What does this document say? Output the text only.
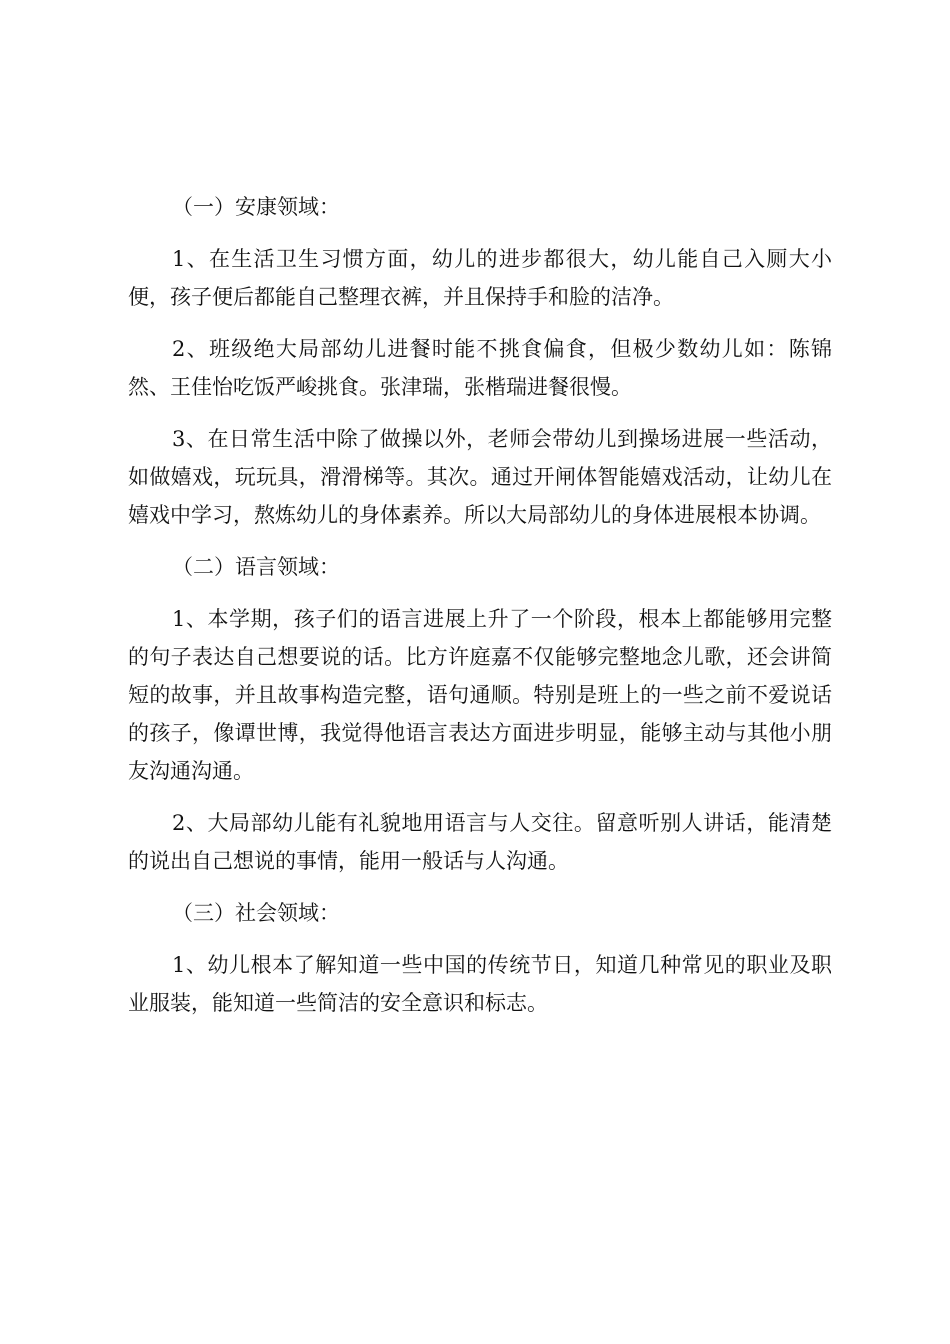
（一）安康领域：

1、在生活卫生习惯方面，幼儿的进步都很大，幼儿能自己入厕大小便，孩子便后都能自己整理衣裤，并且保持手和脸的洁净。

2、班级绝大局部幼儿进餐时能不挑食偏食，但极少数幼儿如：陈锦然、王佳怡吃饭严峻挑食。张津瑞，张楷瑞进餐很慢。

3、在日常生活中除了做操以外，老师会带幼儿到操场进展一些活动，如做嬉戏，玩玩具，滑滑梯等。其次。通过开闸体智能嬉戏活动，让幼儿在嬉戏中学习，熬炼幼儿的身体素养。所以大局部幼儿的身体进展根本协调。

（二）语言领域：

1、本学期，孩子们的语言进展上升了一个阶段，根本上都能够用完整的句子表达自己想要说的话。比方许庭嘉不仅能够完整地念儿歌，还会讲简短的故事，并且故事构造完整，语句通顺。特别是班上的一些之前不爱说话的孩子，像谭世博，我觉得他语言表达方面进步明显，能够主动与其他小朋友沟通沟通。

2、大局部幼儿能有礼貌地用语言与人交往。留意听别人讲话，能清楚的说出自己想说的事情，能用一般话与人沟通。

（三）社会领域：

1、幼儿根本了解知道一些中国的传统节日，知道几种常见的职业及职业服装，能知道一些简洁的安全意识和标志。
